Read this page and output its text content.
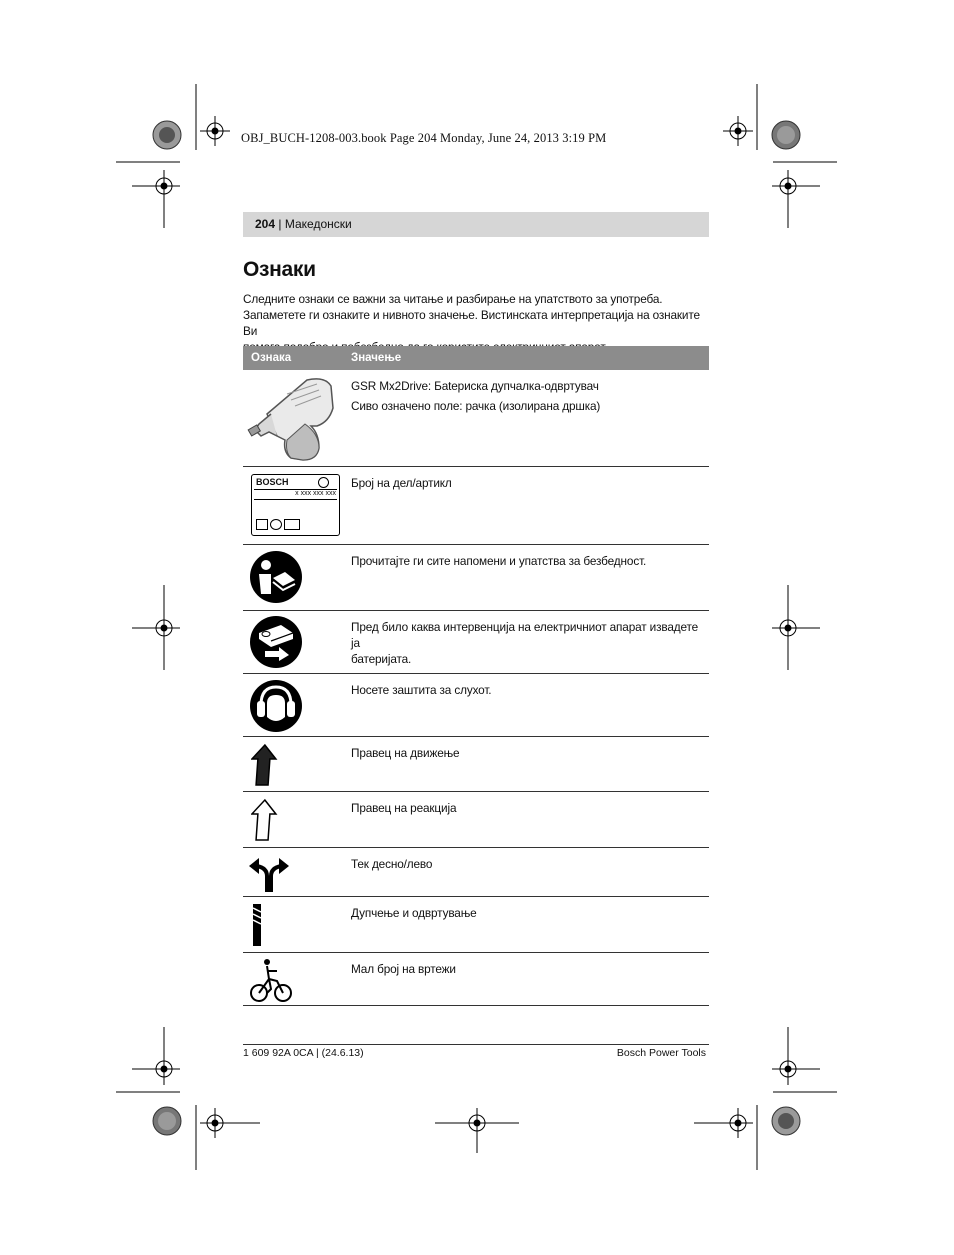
OBJ_BUCH-1208-003.book Page 204 Monday, June 24, 2013 3:19 PM
204 | Македонски
Ознаки

Следните ознаки се важни за читање и разбирање на упатството за употреба.

Запаметете ги ознаките и нивното значење. Вистинската интерпретација на ознаките Ви

Ознака	Значење

GSR Mx2Drive: Бatериска дупчалка-одвртувач

Сиво означено поле: рачка (изолирана дршка)

BOSCH
x xxx xxx xxx

Број на дел/артикл

Прочитајте ги сите напомени и упатства за безбедност.

Пред било каква интервенција на електричниот апарат извадете ја

батеријата.

Носете заштита за слухот.

Правец на движење

Правец на реакција

Тек десно/лево

Дупчење и одвртување

Мал број на вртежи

1 609 92A 0CA | (24.6.13)	Bosch Power Tools
